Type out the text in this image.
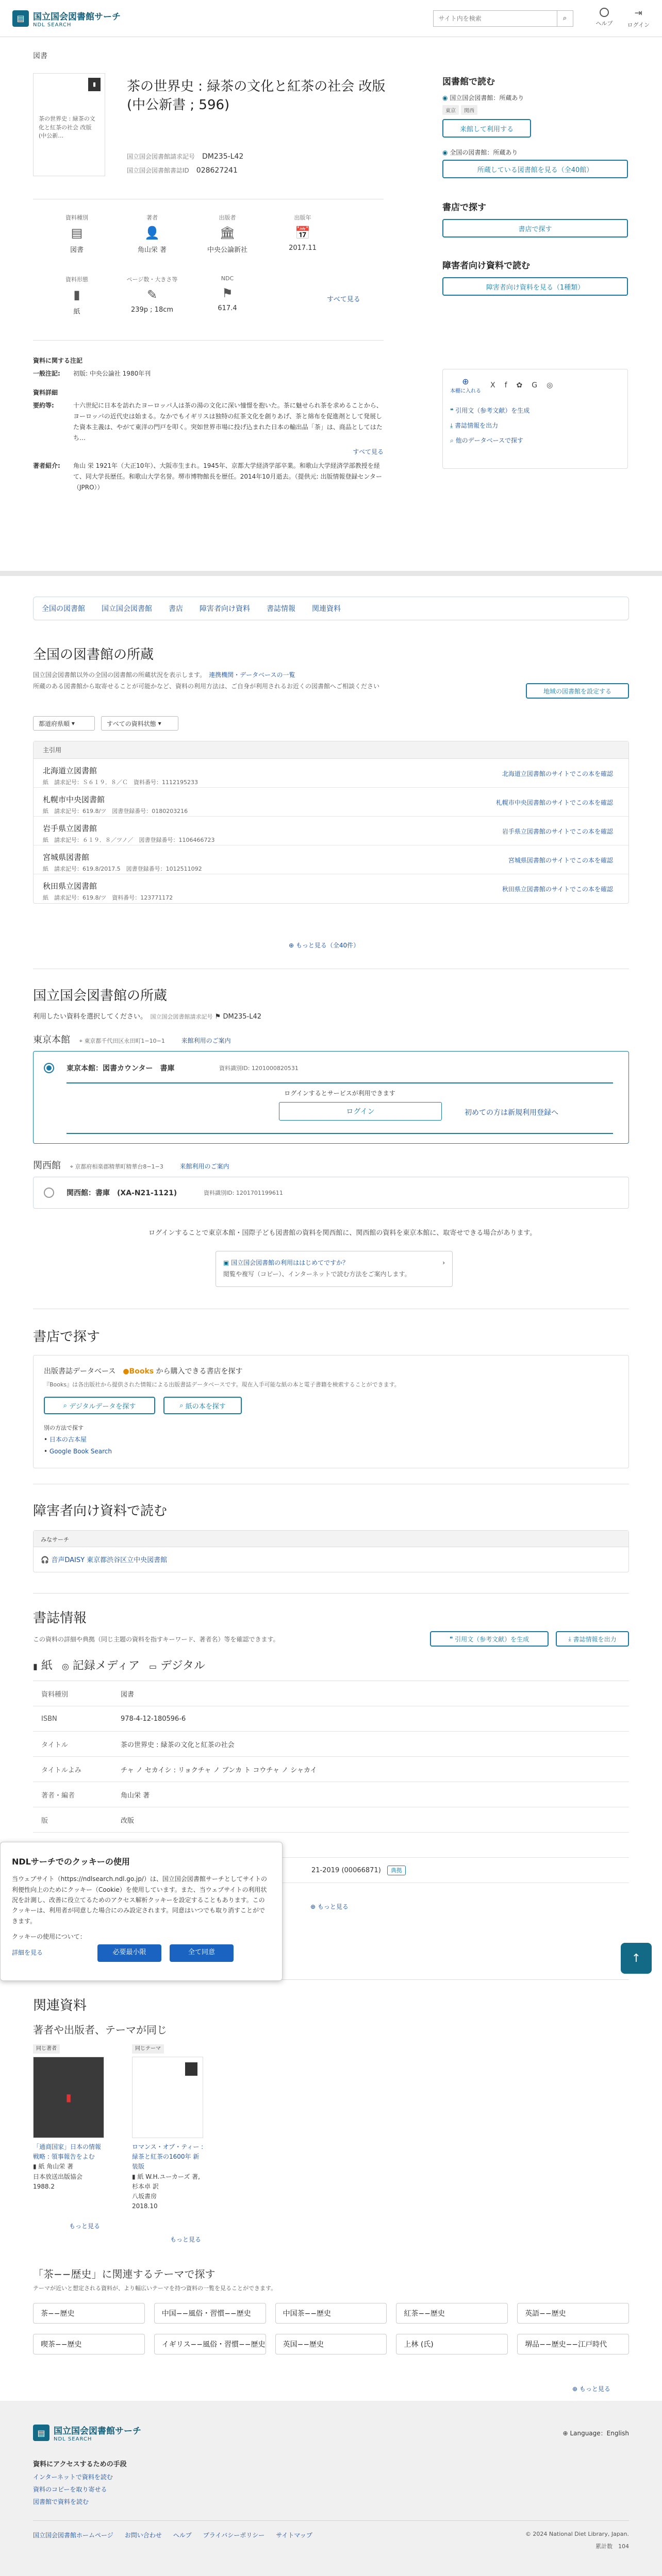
▤ 国立国会図書館サーチ
NDL SEARCH
サイト内を検索
⌕
ヘルプ
⇥
ログイン
図書
▮
茶の世界史 : 緑茶の文化と紅茶の社会 改版 (中公新…
茶の世界史 : 緑茶の文化と紅茶の社会 改版
(中公新書 ; 596)
国立国会図書館請求記号 DM235-L42
国立国会図書館書誌ID 028627241
資料種別
▤
図書
著者
👤
角山栄 著
出版者
🏛
中央公論新社
出版年
📅
2017.11
資料形態
▮
紙
ページ数・大きさ等
✎
239p ; 18cm
NDC
⚑
617.4
すべて見る
資料に関する注記
一般注記: 初版: 中央公論社 1980年刊
資料詳細
要約等:	十六世紀に日本を訪れたヨーロッパ人は茶の湯の文化に深い憧憬を抱いた。茶に魅せられ茶を求めることから、ヨーロッパの近代史は始まる。なかでもイギリスは独特の紅茶文化を創りあげ、茶と綿布を促進剤として発展した資本主義は、やがて東洋の門戸を叩く。突如世界市場に投げ込まれた日本の輸出品「茶」は、商品としてはたち…
すべて見る
著者紹介:	角山 栄 1921年（大正10年）、大阪市生まれ。1945年、京都大学経済学部卒業。和歌山大学経済学部教授を経て、同大学長歴任。和歌山大学名誉。堺市博物館長を歴任。2014年10月逝去。（提供元: 出版情報登録センター（JPRO））
図書館で読む
◉ 国立国会図書館：所蔵あり
東京 関西
来館して利用する
◉ 全国の図書館：所蔵あり
所蔵している図書館を見る（全40館）
書店で探す
書店で探す
障害者向け資料で読む
障害者向け資料を見る（1種類）
⊕
本棚に入れる
X f ✿ G ◎
❝ 引用文（参考文献）を生成
⤓ 書誌情報を出力
⌕ 他のデータベースで探す
全国の図書館 国立国会図書館 書店 障害者向け資料 書誌情報 関連資料
全国の図書館の所蔵
国立国会図書館以外の全国の図書館の所蔵状況を表示します。　 連携機関・データベースの一覧
所蔵のある図書館から取寄せることが可能かなど、資料の利用方法は、ご自身が利用されるお近くの図書館へご相談ください
地域の図書館を設定する
都道府県順
▾	すべての資料状態
▾
主引用
北海道立図書館
紙　請求記号：Ｓ６１９．８／Ｃ　資料番号：1112195233
北海道立図書館のサイトでこの本を確認
札幌市中央図書館
紙　請求記号：619.8/ツ　図書登録番号：0180203216
札幌市中央図書館のサイトでこの本を確認
岩手県立図書館
紙　請求記号：６１９．８／ツノ／　図書登録番号：1106466723
岩手県立図書館のサイトでこの本を確認
宮城県図書館
紙　請求記号：619.8/2017.5　図書登録番号：1012511092
宮城県図書館のサイトでこの本を確認
秋田県立図書館
紙　請求記号：619.8/ツ　資料番号：123771172
秋田県立図書館のサイトでこの本を確認
⊕ もっと見る（全40件）
国立国会図書館の所蔵
利用したい資料を選択してください。　 国立国会図書館請求記号 ⚑ DM235-L42
東京本館 ⌖ 東京都千代田区永田町1−10−1	来館利用のご案内
東京本館：図書カウンター　書庫	資料識別ID: 1201000820531
ログインするとサービスが利用できます
ログイン	初めての方は新規利用登録へ
関西館 ⌖ 京都府相楽郡精華町精華台8−1−3	来館利用のご案内
関西館：書庫　(XA-N21-1121)	資料識別ID: 1201701199611
ログインすることで東京本館・国際子ども図書館の資料を関西館に、関西館の資料を東京本館に、取寄せできる場合があります。
▣ 国立国会図書館の利用ははじめてですか？	›
閲覧や複写（コピー）、インターネットで読む方法をご案内します。
書店で探す
出版書誌データベース　 ●Books から購入できる書店を探す
『Books』は各出版社から提供された情報による出版書誌データベースです。現在入手可能な紙の本と電子書籍を検索することができます。
⌕
デジタルデータを探す	⌕
紙の本を探す
別の方法で探す
• 日本の古本屋
• Google Book Search
障害者向け資料で読む
みなサーチ
🎧 音声DAISY 東京都渋谷区立中央図書館
書誌情報
この資料の詳細や典拠（同じ主題の資料を指すキーワード、著者名）等を確認できます。	❝
引用文（参考文献）を生成	⤓
書誌情報を出力
▮ 紙 ◎ 記録メディア ▭ デジタル
資料種別	図書
ISBN	978-4-12-180596-6
タイトル	茶の世界史 : 緑茶の文化と紅茶の社会
タイトルよみ	チャ ノ セカイシ : リョクチャ ノ ブンカ ト コウチャ ノ シャカイ
著者・編者	角山栄 著
版	改版
21-2019 (00066871) 典拠
⊕ もっと見る
NDLサーチでのクッキーの使用
当ウェブサイト（https://ndlsearch.ndl.go.jp/）は、国立国会図書館サーチとしてサイトの利便性向上のためにクッキー（Cookie）を使用しています。また、当ウェブサイトの利用状況を計測し、改善に役立てるためのアクセス解析クッキーを設定することもあります。このクッキーは、利用者が同意した場合にのみ設定されます。同意はいつでも取り消すことができます。
クッキーの使用について：
詳細を見る	必要最小限	全て同意	↑
関連資料
著者や出版者、テーマが同じ
同じ著者
▮
「通商国家」日本の情報戦略 : 領事報告をよむ
▮ 紙 角山栄 著
日本放送出版協会
1988.2
同じテーマ
ロマンス・オブ・ティー : 緑茶と紅茶の1600年 新装版
▮ 紙 W.H.ユーカーズ 著, 杉本卓 訳
八坂書房
2018.10
もっと見る
もっと見る
「茶−−歴史」に関連するテーマで探す
テーマが近いと想定される資料が、より幅広いテーマを持つ資料の一覧を見ることができます。
茶−−歴史	中国−−風俗・習慣−−歴史	中国茶−−歴史	紅茶−−歴史	英語−−歴史
喫茶−−歴史	イギリス−−風俗・習慣−−歴史	英国−−歴史	上林 (氏)	堺品−−歴史−−江戸時代
⊕ もっと見る
▤ 国立国会図書館サーチ
NDL SEARCH
⊕ Language：English
資料にアクセスするための手段
インターネットで資料を読む
資料のコピーを取り寄せる
図書館で資料を読む
国立国会図書館ホームページ お問い合わせ ヘルプ プライバシーポリシー サイトマップ	© 2024 National Diet Library, Japan.
累計数　 104
